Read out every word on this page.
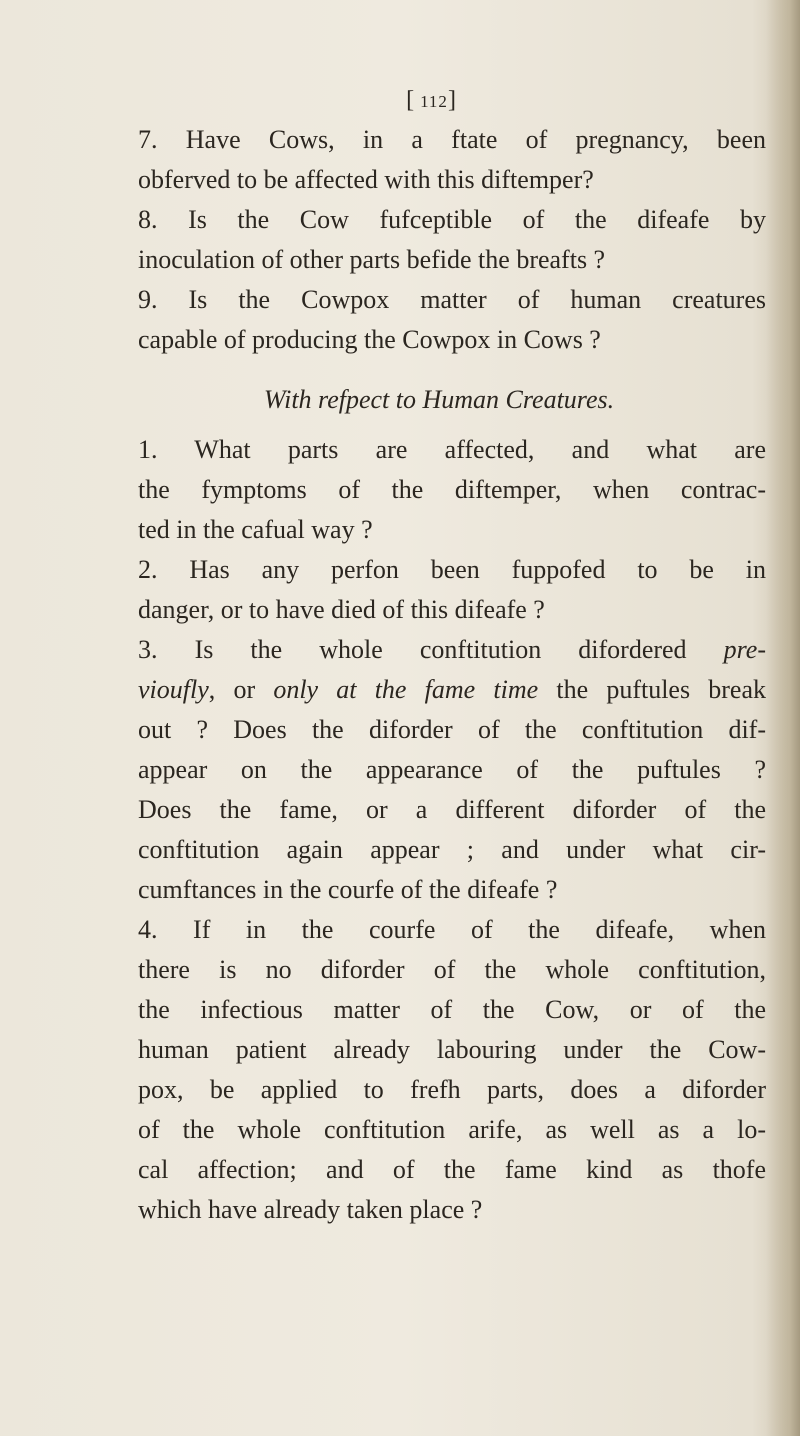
[112]
7. Have Cows, in a ftate of pregnancy, been
obferved to be affected with this diftemper?
8. Is the Cow fufceptible of the difeafe by
inoculation of other parts befide the breafts ?
9. Is the Cowpox matter of human creatures
capable of producing the Cowpox in Cows ?
With refpect to Human Creatures.
1. What parts are affected, and what are
the fymptoms of the diftemper, when contrac-
ted in the cafual way ?
2. Has any perfon been fuppofed to be in
danger, or to have died of this difeafe ?
3. Is the whole conftitution difordered pre-
vioufly, or only at the fame time the puftules break
out ? Does the diforder of the conftitution dif-
appear on the appearance of the puftules ?
Does the fame, or a different diforder of the
conftitution again appear ; and under what cir-
cumftances in the courfe of the difeafe ?
4. If in the courfe of the difeafe, when
there is no diforder of the whole conftitution,
the infectious matter of the Cow, or of the
human patient already labouring under the Cow-
pox, be applied to frefh parts, does a diforder
of the whole conftitution arife, as well as a lo-
cal affection; and of the fame kind as thofe
which have already taken place ?
